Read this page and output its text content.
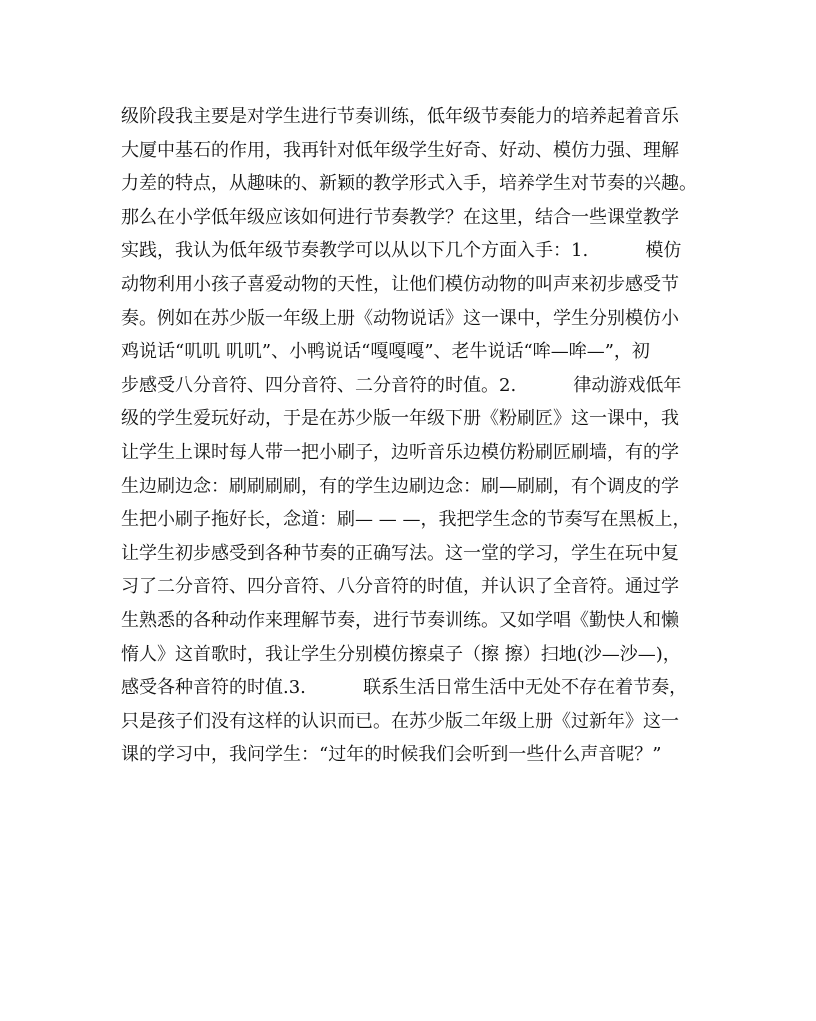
级阶段我主要是对学生进行节奏训练，低年级节奏能力的培养起着音乐
大厦中基石的作用，我再针对低年级学生好奇、好动、模仿力强、理解
力差的特点，从趣味的、新颖的教学形式入手，培养学生对节奏的兴趣。
那么在小学低年级应该如何进行节奏教学？在这里，结合一些课堂教学
实践，我认为低年级节奏教学可以从以下几个方面入手：1.          模仿
动物利用小孩子喜爱动物的天性，让他们模仿动物的叫声来初步感受节
奏。例如在苏少版一年级上册《动物说话》这一课中，学生分别模仿小
鸡说话“叽叽 叽叽”、小鸭说话“嘎嘎嘎”、老牛说话“哞—哞—”，初
步感受八分音符、四分音符、二分音符的时值。2.          律动游戏低年
级的学生爱玩好动，于是在苏少版一年级下册《粉刷匠》这一课中，我
让学生上课时每人带一把小刷子，边听音乐边模仿粉刷匠刷墙，有的学
生边刷边念：刷刷刷刷，有的学生边刷边念：刷—刷刷，有个调皮的学
生把小刷子拖好长，念道：刷— — —，我把学生念的节奏写在黑板上，
让学生初步感受到各种节奏的正确写法。这一堂的学习，学生在玩中复
习了二分音符、四分音符、八分音符的时值，并认识了全音符。通过学
生熟悉的各种动作来理解节奏，进行节奏训练。又如学唱《勤快人和懒
惰人》这首歌时，我让学生分别模仿擦桌子（擦 擦）扫地(沙—沙—)，
感受各种音符的时值.3.          联系生活日常生活中无处不存在着节奏，
只是孩子们没有这样的认识而已。在苏少版二年级上册《过新年》这一
课的学习中，我问学生：“过年的时候我们会听到一些什么声音呢？”
